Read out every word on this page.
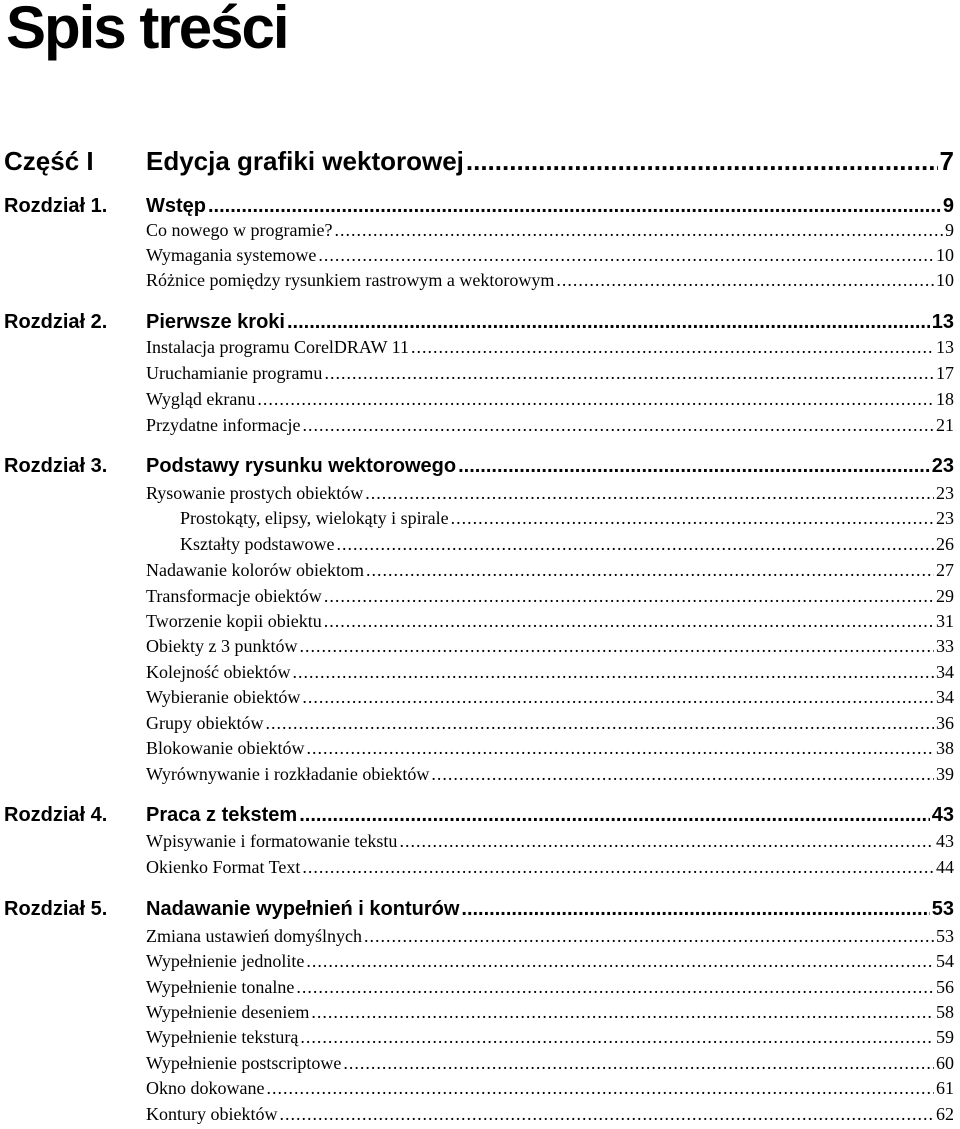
Spis treści
Część I	Edycja grafiki wektorowej .....	7
Rozdział 1.	Wstęp .....	9
Co nowego w programie? .....	9
Wymagania systemowe .....	10
Różnice pomiędzy rysunkiem rastrowym a wektorowym .....	10
Rozdział 2.	Pierwsze kroki .....	13
Instalacja programu CorelDRAW 11 .....	13
Uruchamianie programu .....	17
Wygląd ekranu .....	18
Przydatne informacje .....	21
Rozdział 3.	Podstawy rysunku wektorowego .....	23
Rysowanie prostych obiektów .....	23
Prostokąty, elipsy, wielokąty i spirale .....	23
Kształty podstawowe .....	26
Nadawanie kolorów obiektom .....	27
Transformacje obiektów .....	29
Tworzenie kopii obiektu .....	31
Obiekty z 3 punktów .....	33
Kolejność obiektów .....	34
Wybieranie obiektów .....	34
Grupy obiektów .....	36
Blokowanie obiektów .....	38
Wyrównywanie i rozkładanie obiektów .....	39
Rozdział 4.	Praca z tekstem .....	43
Wpisywanie i formatowanie tekstu .....	43
Okienko Format Text .....	44
Rozdział 5.	Nadawanie wypełnień i konturów .....	53
Zmiana ustawień domyślnych .....	53
Wypełnienie jednolite .....	54
Wypełnienie tonalne .....	56
Wypełnienie deseniem .....	58
Wypełnienie teksturą .....	59
Wypełnienie postscriptowe .....	60
Okno dokowane .....	61
Kontury obiektów .....	62
